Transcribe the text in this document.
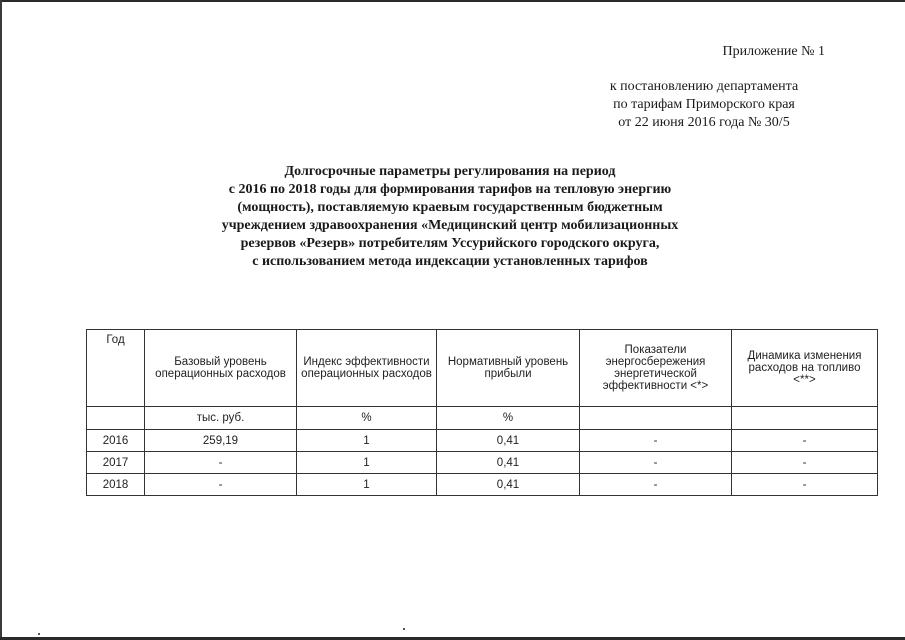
Приложение № 1
к постановлению департамента
по тарифам Приморского края
от 22 июня 2016 года № 30/5
Долгосрочные параметры регулирования на период
с 2016 по 2018 годы для формирования тарифов на тепловую энергию
(мощность), поставляемую краевым государственным бюджетным
учреждением здравоохранения «Медицинский центр мобилизационных
резервов «Резерв» потребителям Уссурийского городского округа,
с использованием метода индексации установленных тарифов
Год	Базовый уровень операционных расходов	Индекс эффективности операционных расходов	Нормативный уровень прибыли	Показатели энергосбережения энергетической эффективности <*>	Динамика изменения расходов на топливо <**>
	тыс. руб.	%	%		
2016	259,19	1	0,41	-	-
2017	-	1	0,41	-	-
2018	-	1	0,41	-	-
